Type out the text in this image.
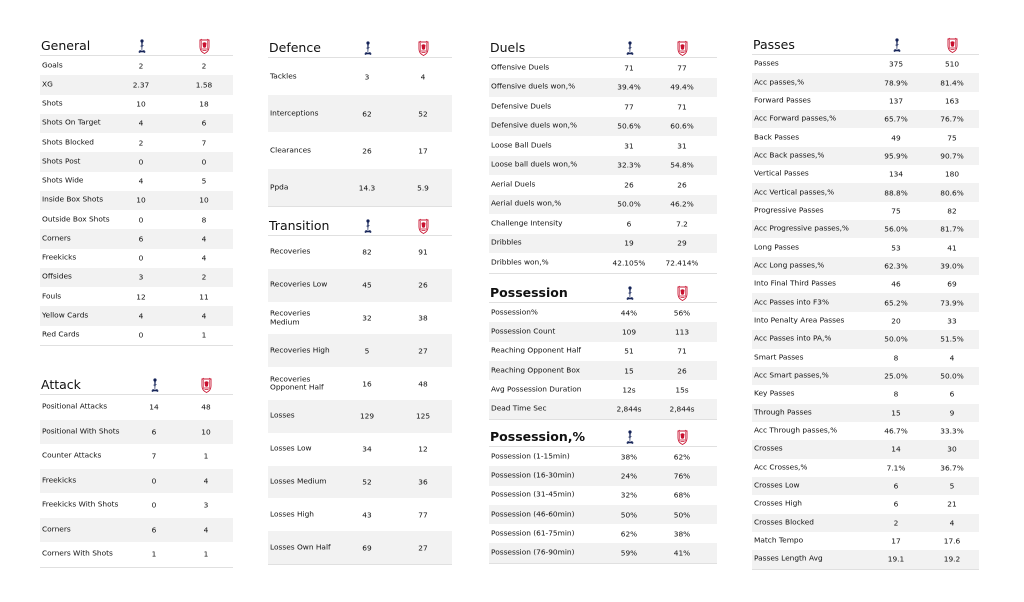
General
Goals	2	2
XG	2.37	1.58
Shots	10	18
Shots On Target	4	6
Shots Blocked	2	7
Shots Post	0	0
Shots Wide	4	5
Inside Box Shots	10	10
Outside Box Shots	0	8
Corners	6	4
Freekicks	0	4
Offsides	3	2
Fouls	12	11
Yellow Cards	4	4
Red Cards	0	1
Attack
Positional Attacks	14	48
Positional With Shots	6	10
Counter Attacks	7	1
Freekicks	0	4
Freekicks With Shots	0	3
Corners	6	4
Corners With Shots	1	1
Defence
Tackles	3	4
Interceptions	62	52
Clearances	26	17
Ppda	14.3	5.9
Transition
Recoveries	82	91
Recoveries Low	45	26
Recoveries Medium	32	38
Recoveries High	5	27
Recoveries Opponent Half	16	48
Losses	129	125
Losses Low	34	12
Losses Medium	52	36
Losses High	43	77
Losses Own Half	69	27
Duels
Offensive Duels	71	77
Offensive duels won,%	39.4%	49.4%
Defensive Duels	77	71
Defensive duels won,%	50.6%	60.6%
Loose Ball Duels	31	31
Loose ball duels won,%	32.3%	54.8%
Aerial Duels	26	26
Aerial duels won,%	50.0%	46.2%
Challenge Intensity	6	7.2
Dribbles	19	29
Dribbles won,%	42.105%	72.414%
Possession
Possession%	44%	56%
Possession Count	109	113
Reaching Opponent Half	51	71
Reaching Opponent Box	15	26
Avg Possession Duration	12s	15s
Dead Time Sec	2,844s	2,844s
Possession,%
Possession (1-15min)	38%	62%
Possession (16-30min)	24%	76%
Possession (31-45min)	32%	68%
Possession (46-60min)	50%	50%
Possession (61-75min)	62%	38%
Possession (76-90min)	59%	41%
Passes
Passes	375	510
Acc passes,%	78.9%	81.4%
Forward Passes	137	163
Acc Forward passes,%	65.7%	76.7%
Back Passes	49	75
Acc Back passes,%	95.9%	90.7%
Vertical Passes	134	180
Acc Vertical passes,%	88.8%	80.6%
Progressive Passes	75	82
Acc Progressive passes,%	56.0%	81.7%
Long Passes	53	41
Acc Long passes,%	62.3%	39.0%
Into Final Third Passes	46	69
Acc Passes into F3%	65.2%	73.9%
Into Penalty Area Passes	20	33
Acc Passes into PA,%	50.0%	51.5%
Smart Passes	8	4
Acc Smart passes,%	25.0%	50.0%
Key Passes	8	6
Through Passes	15	9
Acc Through passes,%	46.7%	33.3%
Crosses	14	30
Acc Crosses,%	7.1%	36.7%
Crosses Low	6	5
Crosses High	6	21
Crosses Blocked	2	4
Match Tempo	17	17.6
Passes Length Avg	19.1	19.2
